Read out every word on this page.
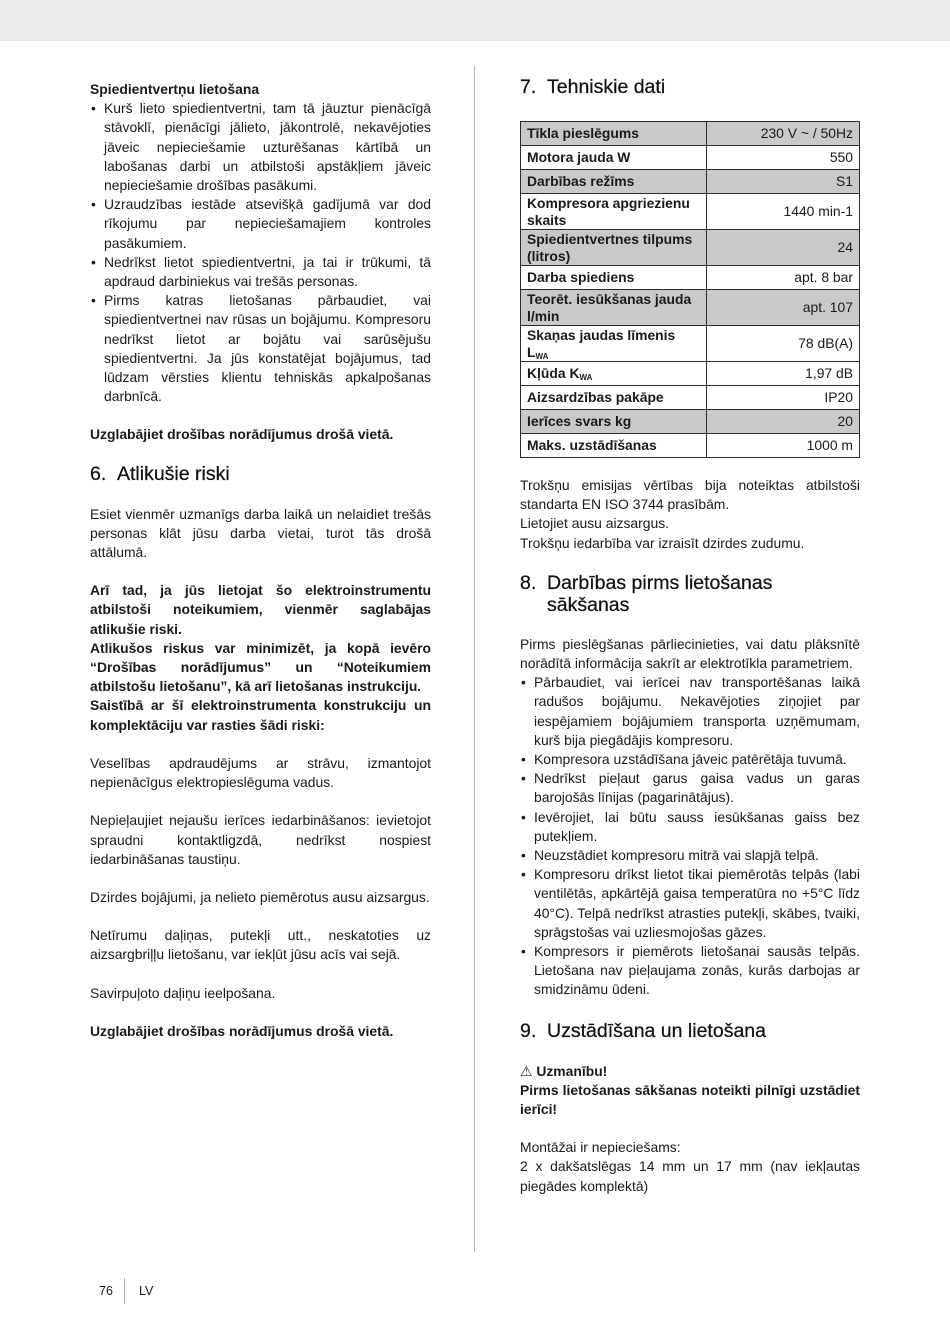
Spiedientvertņu lietošana

• Kurš lieto spiedientvertni, tam tā jāuztur pienācīgā stāvoklī, pienācīgi jālieto, jākontrolē, nekavējoties jāveic nepieciešamie uzturēšanas kārtībā un labošanas darbi un atbilstoši apstākļiem jāveic nepieciešamie drošības pasākumi.
• Uzraudzības iestāde atsevišķā gadījumā var dod rīkojumu par nepieciešamajiem kontroles pasākumiem.
• Nedrīkst lietot spiedientvertni, ja tai ir trūkumi, tā apdraud darbiniekus vai trešās personas.
• Pirms katras lietošanas pārbaudiet, vai spiedientvertnei nav rūsas un bojājumu. Kompresoru nedrīkst lietot ar bojātu vai sarūsējušu spiedientvertni. Ja jūs konstatējat bojājumus, tad lūdzam vērsties klientu tehniskās apkalpošanas darbnīcā.

Uzglabājiet drošības norādījumus drošā vietā.

6. Atlikušie riski

Esiet vienmēr uzmanīgs darba laikā un nelaidiet trešās personas klāt jūsu darba vietai, turot tās drošā attālumā.

Arī tad, ja jūs lietojat šo elektroinstrumentu atbilstoši noteikumiem, vienmēr saglabājas atlikušie riski.

Atlikušos riskus var minimizēt, ja kopā ievēro “Drošības norādījumus” un “Noteikumiem atbilstošu lietošanu”, kā arī lietošanas instrukciju.

Saistībā ar šī elektroinstrumenta konstrukciju un komplektāciju var rasties šādi riski:

Veselības apdraudējums ar strāvu, izmantojot nepienācīgus elektropieslēguma vadus.

Nepieļaujiet nejaušu ierīces iedarbināšanos: ievietojot spraudni kontaktligzdā, nedrīkst nospiest iedarbināšanas taustiņu.

Dzirdes bojājumi, ja nelieto piemērotus ausu aizsargus.

Netīrumu daļiņas, putekļi utt., neskatoties uz aizsargbriļļu lietošanu, var iekļūt jūsu acīs vai sejā.

Savirpuļoto daļiņu ieelpošana.

Uzglabājiet drošības norādījumus drošā vietā.

7. Tehniskie dati
Tīkla pieslēgums	230 V ~ / 50Hz
Motora jauda W	550
Darbības režīms	S1
Kompresora apgriezienu skaits	1440 min-1
Spiedientvertnes tilpums (litros)	24
Darba spiediens	apt. 8 bar
Teorēt. iesūkšanas jauda l/min	apt. 107
Skaņas jaudas līmenis $L_{WA}$	78 dB(A)
Kļūda $K_{WA}$	1,97 dB
Aizsardzības pakāpe	IP20
Ierīces svars kg	20
Maks. uzstādīšanas	1000 m

Trokšņu emisijas vērtības bija noteiktas atbilstoši standarta EN ISO 3744 prasībām.

Lietojiet ausu aizsargus.

Trokšņu iedarbība var izraisīt dzirdes zudumu.

8. Darbības pirms lietošanas sākšanas

Pirms pieslēgšanas pārliecinieties, vai datu plāksnītē norādītā informācija sakrīt ar elektrotīkla parametriem.

• Pārbaudiet, vai ierīcei nav transportēšanas laikā radušos bojājumu. Nekavējoties ziņojiet par iespējamiem bojājumiem transporta uzņēmumam, kurš bija piegādājis kompresoru.
• Kompresora uzstādīšana jāveic patērētāja tuvumā.
• Nedrīkst pieļaut garus gaisa vadus un garas barojošās līnijas (pagarinātājus).
• Ievērojiet, lai būtu sauss iesūkšanas gaiss bez putekļiem.
• Neuzstādiet kompresoru mitrā vai slapjā telpā.
• Kompresoru drīkst lietot tikai piemērotās telpās (labi ventilētās, apkārtējā gaisa temperatūra no +5°C līdz 40°C). Telpā nedrīkst atrasties putekļi, skābes, tvaiki, sprāgstošas vai uzliesmojošas gāzes.
• Kompresors ir piemērots lietošanai sausās telpās. Lietošana nav pieļaujama zonās, kurās darbojas ar smidzināmu ūdeni.
9. Uzstādīšana un lietošana

⚠ Uzmanību!

Pirms lietošanas sākšanas noteikti pilnīgi uzstādiet ierīci!

Montāžai ir nepieciešams:

2 x dakšatslēgas 14 mm un 17 mm (nav iekļautas piegādes komplektā)

76 LV
